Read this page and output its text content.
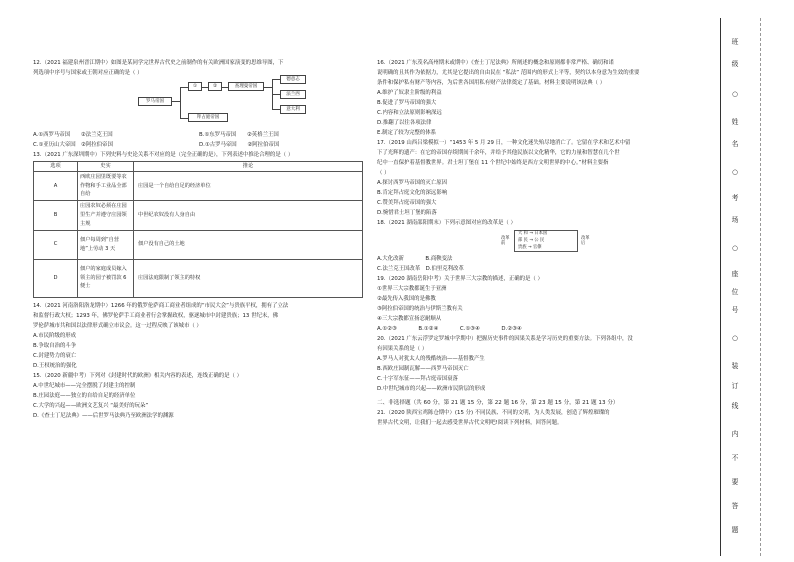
12.（2021 福建泉州晋江期中）如图是某同学完世界古代史之前制作的有关欧洲国家演变的思维导图，下
列选项中序号与国家或王朝对应正确的是（ ）
罗马帝国
①	②	查理曼帝国
拜占庭帝国
德意志
法兰西
意大利
A.①西罗马帝国　　②法兰克王国	B.①东罗马帝国　　②英格兰王国
C.①亚历山大帝国　②阿拉伯帝国	D.①古罗马帝国　　②阿拉伯帝国
13.（2021 广东深圳期中）下列史料与史论关系不对应的是（完全正确的是），下列表述中推论合理的是（ ）
选项	史实	推论
A	西欧庄园里既要等农作物和手工业品全部自给	庄园是一个自给自足的经济单位
B	庄园农奴必须在庄园里生产并遵守庄园领主规	中世纪农奴没有人身自由
C	佃户每周到“自营地”上劳动 3 天	佃户没有自己的土地
D	佃户的家庭成员嫁入领主的园子被罚款 6 便士	庄园法庭限制了领主的特权
14.（2021 河南洛阳洛龙期中）1266 年的俄罗伦萨商工商业者组成的“市民大会”与贵族平权，拥有了立法
和监督行政大权；1293 年，佛罗伦萨手工商业者行会掌握政权，驱逐城市中封建贵族；13 世纪末，佛
罗伦萨城市共和国以法律形式确立市议会。这一过程反映了该城市（ ）
A.市民阶级的形成
B.争取自治的斗争
C.封建势力的衰亡
D.王权统治的强化
15.（2020 新疆中考）下列对《封建时代的欧洲》相关内容的表述，连线正确的是（ ）
A.中世纪城市——完全摆脱了封建主的控制
B.庄园法庭——独立的自给自足的经济单位
C.大学的兴起——欧洲文艺复兴 “最美好的玩朵”
D.《查士丁尼法典》——后世罗马法典乃至欧洲法学的渊源
16.（2021 广东茂名高州期末或期中）《查士丁尼法典》所阐述的概念和原则都非常严格、确切和诺
说明确的且其作为依据力，尤其是它提出的自由民在 “私法” 范围内的形式上平等，契约以本身意为生效的重要
条件和保护私有财产等内容，为后世各国用私有财产法律奠定了基础。材料主要说明该法典（ ）
A.维护了奴隶主阶级的利益
B.促进了罗马帝国的强大
C.内容和立法原则影响深远
D.推翻了以往各项法律
E.制定了较为完整的体系
17.（2019 山西吕梁模拟一）“1453 年 5 月 29 日，一种文化迷失殆尽地消亡了。它留在学术和艺术中留
下了光辉的遗产：在它的帝国存续期间千余年，并给予其他民族以文化精华，它的力量和智慧在几个世
纪中一直保护着基督教世界。君士坦丁堡在 11 个世纪中始终是西方文明世界的中心。”材料主要指
（ ）
A.探讨西罗马帝国的灭亡原因
B.肯定拜占庭文化的深远影响
C.赞美拜占庭帝国的强大
D.惋惜君士坦丁堡的陷落
18.（2021 湖南邵阳期末）下列示意图对应的改革是（ ）
改革前
大 和 → 日本国
部 民 → 公 民
贵族 → 官僚
改革后
A.大化改新　　　　B.商鞅变法
C.法兰克王国改革　D.伯里克利改革
19.（2020 湖南岳阳中考）关于世界三大宗教的描述，正确的是（ ）
①世界三大宗教都诞生于亚洲
②最先传入我国的是佛教
③阿拉伯帝国的统治与伊斯兰教有关
④三大宗教都宣扬忍耐顺从
A.①②③　　　　B.①②④　　　　C.①③④　　　　D.②③④
20.（2021 广东云浮罗定罗城中学期中）把握历史事件的因果关系是学习历史的重要方法。下列各组中，没
有因果关系的是（ ）
A.罗马人对犹太人的残酷统治——基督教产生
B.西欧庄园制瓦解——西罗马帝国灭亡
C.十字军东征——拜占庭帝国衰落
D.中世纪城市的兴起——欧洲市民阶层的形成
二、非选择题（共 60 分，第 21 题 15 分，第 22 题 16 分，第 23 题 15 分，第 21 题 13 分）
21.（2020 陕西宝鸡陈仓期中）(15 分) 不同民族、不同的文明，为人类发展，创造了辉煌璀璨的
世界古代文明，让我们一起去感受世界古代文明吧!阅读下列材料，回答问题。
班
级
○
姓
名
○
考
场
○
座
位
号
○
装
订
线
内
不
要
答
题
